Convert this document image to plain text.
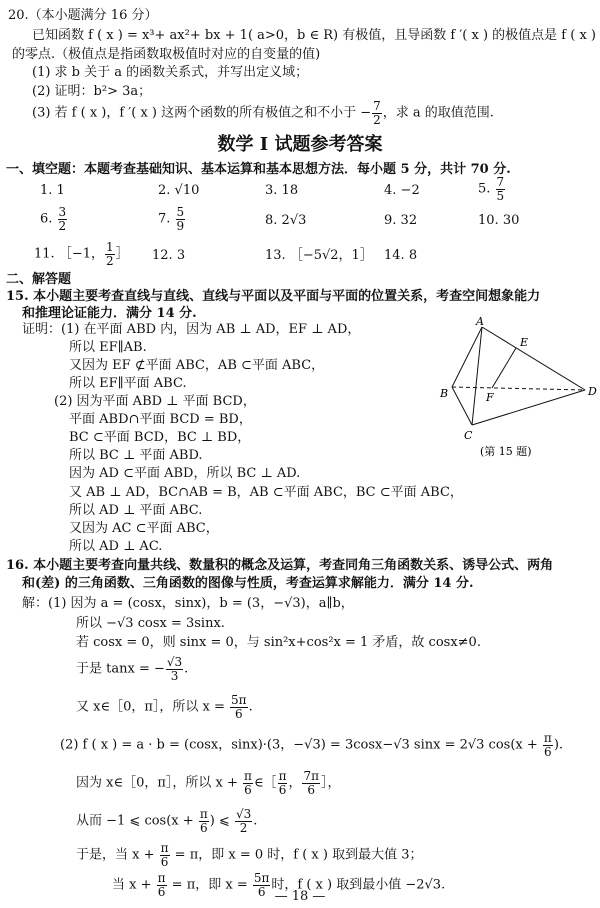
20.（本小题满分 16 分）
已知函数 f ( x ) = x³+ ax²+ bx + 1( a>0，b ∈ R) 有极值，且导函数 f ′( x ) 的极值点是 f ( x )
的零点.（极值点是指函数取极值时对应的自变量的值)
(1) 求 b 关于 a 的函数关系式，并写出定义域；
(2) 证明：b²> 3a；
(3) 若 f ( x )，f ′( x ) 这两个函数的所有极值之和不小于 − $\frac{7}{2}$ ，求 a 的取值范围.
数学 I 试题参考答案
一、填空题：本题考查基础知识、基本运算和基本思想方法．每小题 5 分，共计 70 分.
1. 1	2. √10	3. 18	4. −2	5. $\frac{7}{5}$
6. $\frac{3}{2}$	7. $\frac{5}{9}$	8. 2√3	9. 32	10. 30
11. ［−1， $\frac{1}{2}$ ］ 12. 3	13. ［−5√2，1］ 14. 8
二、解答题
15. 本小题主要考查直线与直线、直线与平面以及平面与平面的位置关系，考查空间想象能力
和推理论证能力．满分 14 分.
证明：(1) 在平面 ABD 内，因为 AB ⊥ AD，EF ⊥ AD，
所以 EF∥AB.
又因为 EF ⊄平面 ABC，AB ⊂平面 ABC，
所以 EF∥平面 ABC.
(2) 因为平面 ABD ⊥ 平面 BCD，
平面 ABD∩平面 BCD = BD，
BC ⊂平面 BCD，BC ⊥ BD，
所以 BC ⊥ 平面 ABD.
因为 AD ⊂平面 ABD，所以 BC ⊥ AD.
又 AB ⊥ AD，BC∩AB = B，AB ⊂平面 ABC，BC ⊂平面 ABC，
所以 AD ⊥ 平面 ABC.
又因为 AC ⊂平面 ABC，
所以 AD ⊥ AC.
A
B
C
D
E
F
(第 15 题)
16. 本小题主要考查向量共线、数量积的概念及运算，考查同角三角函数关系、诱导公式、两角
和(差) 的三角函数、三角函数的图像与性质，考查运算求解能力．满分 14 分.
解：(1) 因为 a = (cosx，sinx)，b = (3，−√3)，a∥b，
所以 −√3 cosx = 3sinx.
若 cosx = 0，则 sinx = 0，与 sin²x+cos²x = 1 矛盾，故 cosx≠0.
于是 tanx = − $\frac{√3}{3}$ .
又 x∈［0，π］，所以 $x = \frac{5\pi}{6}$ .
(2) f ( x ) = a · b = (cosx，sinx)·(3，−√3) = 3cosx−√3 sinx = 2√3 $\cos(x + \frac{\pi}{6}$ ).
因为 x∈［0，π］，所以 $x + \frac{\pi}{6}$ ∈［ $\frac{\pi}{6}$ ， $\frac{7\pi}{6}$ ］，
从而 −1 ⩽ $\cos(x + \frac{\pi}{6}$ ) ⩽ $\frac{√3}{2}$ .
于是，当 $x + \frac{\pi}{6} = \pi$，即 x = 0 时，f ( x ) 取到最大值 3；
当 $x + \frac{\pi}{6} = \pi$，即 $x = \frac{5\pi}{6}$ 时，f ( x ) 取到最小值 −2√3.
— 18 —
